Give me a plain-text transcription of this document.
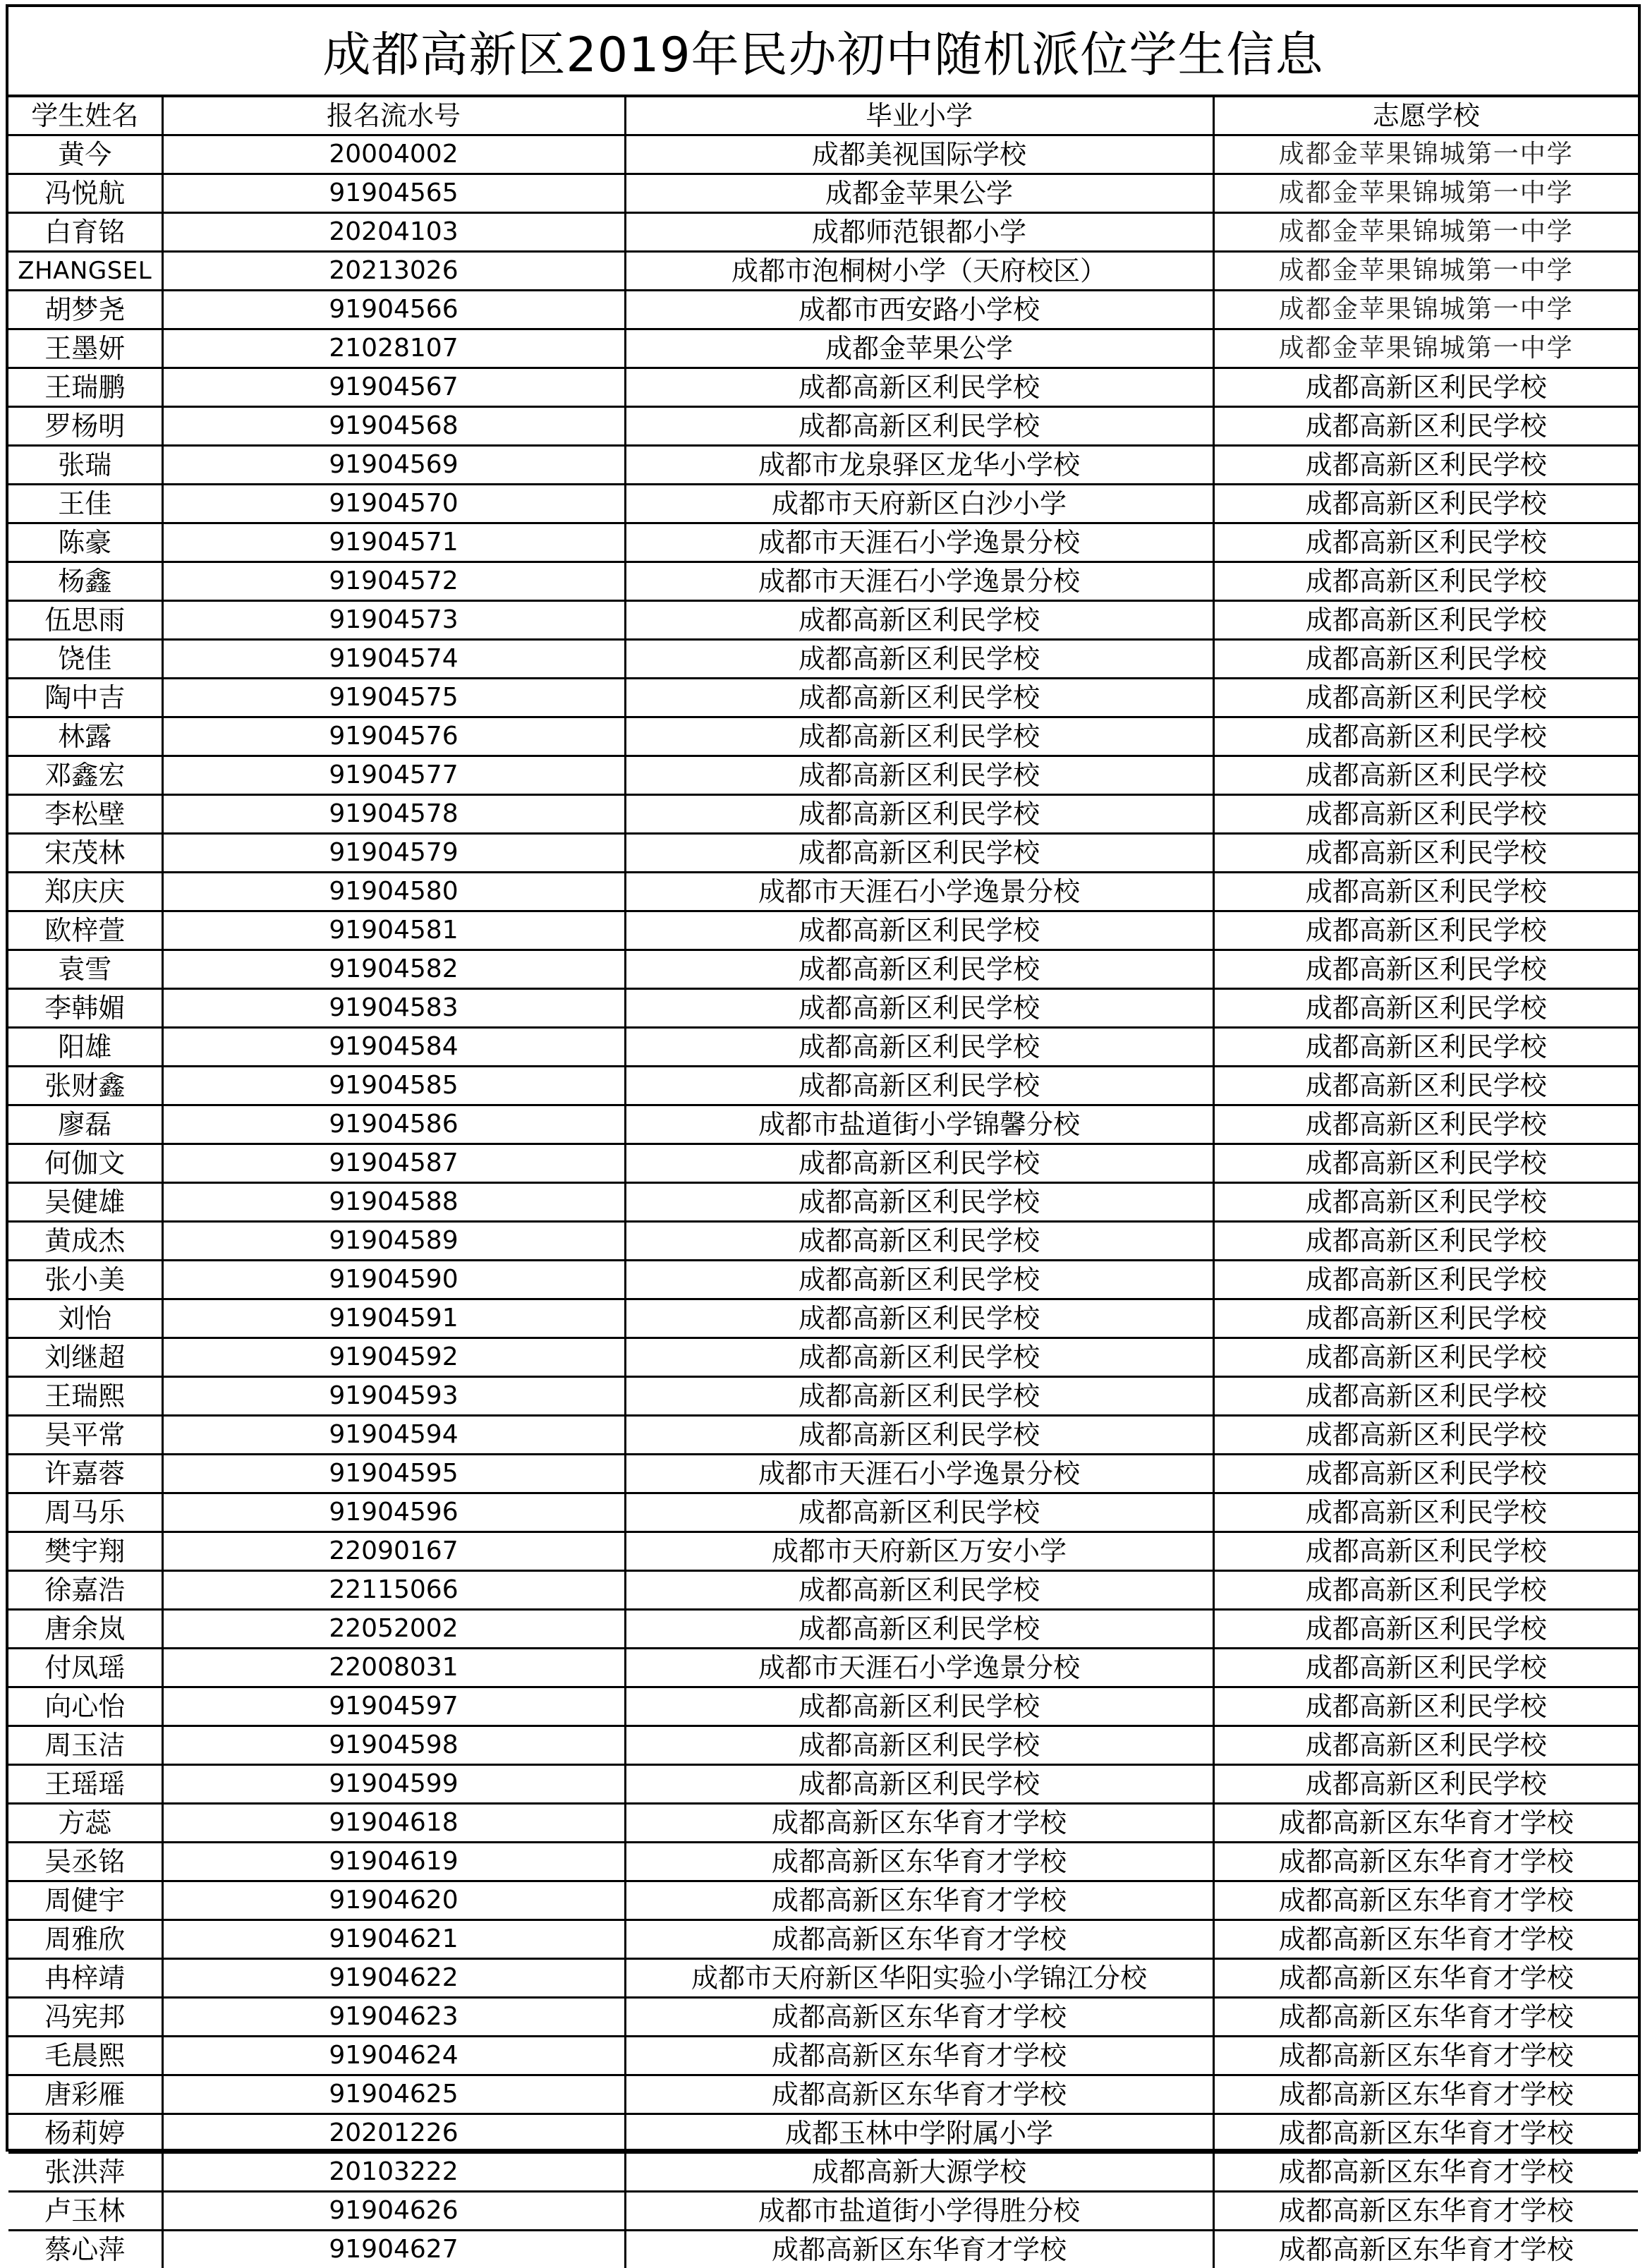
成都高新区2019年民办初中随机派位学生信息
学生姓名	报名流水号	毕业小学	志愿学校
黄今	20004002	成都美视国际学校	成都金苹果锦城第一中学
冯悦航	91904565	成都金苹果公学	成都金苹果锦城第一中学
白育铭	20204103	成都师范银都小学	成都金苹果锦城第一中学
ZHANGSEL	20213026	成都市泡桐树小学（天府校区）	成都金苹果锦城第一中学
胡梦尧	91904566	成都市西安路小学校	成都金苹果锦城第一中学
王墨妍	21028107	成都金苹果公学	成都金苹果锦城第一中学
王瑞鹏	91904567	成都高新区利民学校	成都高新区利民学校
罗杨明	91904568	成都高新区利民学校	成都高新区利民学校
张瑞	91904569	成都市龙泉驿区龙华小学校	成都高新区利民学校
王佳	91904570	成都市天府新区白沙小学	成都高新区利民学校
陈豪	91904571	成都市天涯石小学逸景分校	成都高新区利民学校
杨鑫	91904572	成都市天涯石小学逸景分校	成都高新区利民学校
伍思雨	91904573	成都高新区利民学校	成都高新区利民学校
饶佳	91904574	成都高新区利民学校	成都高新区利民学校
陶中吉	91904575	成都高新区利民学校	成都高新区利民学校
林露	91904576	成都高新区利民学校	成都高新区利民学校
邓鑫宏	91904577	成都高新区利民学校	成都高新区利民学校
李松壁	91904578	成都高新区利民学校	成都高新区利民学校
宋茂林	91904579	成都高新区利民学校	成都高新区利民学校
郑庆庆	91904580	成都市天涯石小学逸景分校	成都高新区利民学校
欧梓萱	91904581	成都高新区利民学校	成都高新区利民学校
袁雪	91904582	成都高新区利民学校	成都高新区利民学校
李韩媚	91904583	成都高新区利民学校	成都高新区利民学校
阳雄	91904584	成都高新区利民学校	成都高新区利民学校
张财鑫	91904585	成都高新区利民学校	成都高新区利民学校
廖磊	91904586	成都市盐道街小学锦馨分校	成都高新区利民学校
何伽文	91904587	成都高新区利民学校	成都高新区利民学校
吴健雄	91904588	成都高新区利民学校	成都高新区利民学校
黄成杰	91904589	成都高新区利民学校	成都高新区利民学校
张小美	91904590	成都高新区利民学校	成都高新区利民学校
刘怡	91904591	成都高新区利民学校	成都高新区利民学校
刘继超	91904592	成都高新区利民学校	成都高新区利民学校
王瑞熙	91904593	成都高新区利民学校	成都高新区利民学校
吴平常	91904594	成都高新区利民学校	成都高新区利民学校
许嘉蓉	91904595	成都市天涯石小学逸景分校	成都高新区利民学校
周马乐	91904596	成都高新区利民学校	成都高新区利民学校
樊宇翔	22090167	成都市天府新区万安小学	成都高新区利民学校
徐嘉浩	22115066	成都高新区利民学校	成都高新区利民学校
唐余岚	22052002	成都高新区利民学校	成都高新区利民学校
付凤瑶	22008031	成都市天涯石小学逸景分校	成都高新区利民学校
向心怡	91904597	成都高新区利民学校	成都高新区利民学校
周玉洁	91904598	成都高新区利民学校	成都高新区利民学校
王瑶瑶	91904599	成都高新区利民学校	成都高新区利民学校
方蕊	91904618	成都高新区东华育才学校	成都高新区东华育才学校
吴丞铭	91904619	成都高新区东华育才学校	成都高新区东华育才学校
周健宇	91904620	成都高新区东华育才学校	成都高新区东华育才学校
周雅欣	91904621	成都高新区东华育才学校	成都高新区东华育才学校
冉梓靖	91904622	成都市天府新区华阳实验小学锦江分校	成都高新区东华育才学校
冯宪邦	91904623	成都高新区东华育才学校	成都高新区东华育才学校
毛晨熙	91904624	成都高新区东华育才学校	成都高新区东华育才学校
唐彩雁	91904625	成都高新区东华育才学校	成都高新区东华育才学校
杨莉婷	20201226	成都玉林中学附属小学	成都高新区东华育才学校
张洪萍	20103222	成都高新大源学校	成都高新区东华育才学校
卢玉林	91904626	成都市盐道街小学得胜分校	成都高新区东华育才学校
蔡心萍	91904627	成都高新区东华育才学校	成都高新区东华育才学校
